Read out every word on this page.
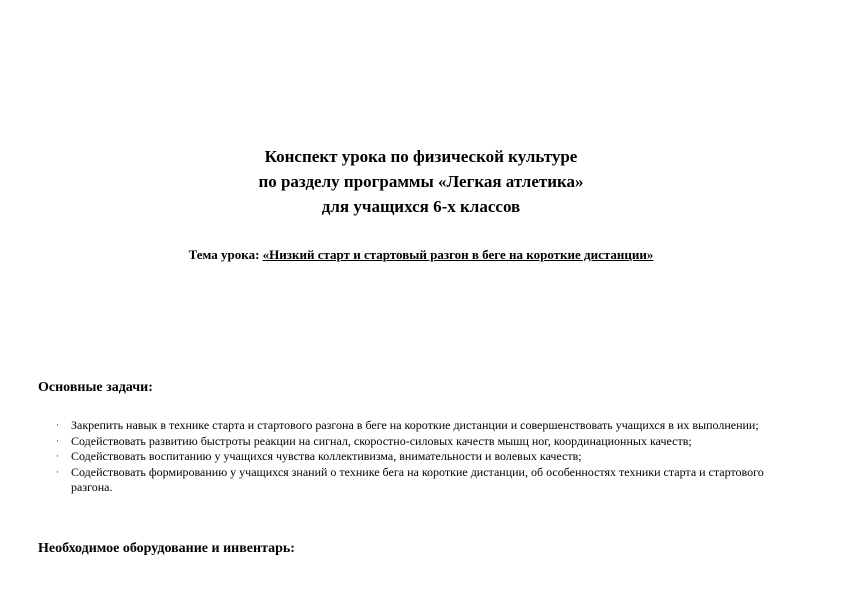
Конспект урока по физической культуре
по разделу программы «Легкая атлетика»
для учащихся 6-х классов
Тема урока: «Низкий старт и стартовый разгон в беге на короткие дистанции»
Основные задачи:
· Закрепить навык в технике старта и стартового разгона в беге на короткие дистанции и совершенствовать учащихся в их выполнении;
· Содействовать развитию быстроты реакции на сигнал, скоростно-силовых качеств мышц ног, координационных качеств;
· Содействовать воспитанию у учащихся чувства коллективизма, внимательности и волевых качеств;
· Содействовать формированию у учащихся знаний о технике бега на короткие дистанции, об особенностях техники старта и стартового разгона.
Необходимое оборудование и инвентарь:
